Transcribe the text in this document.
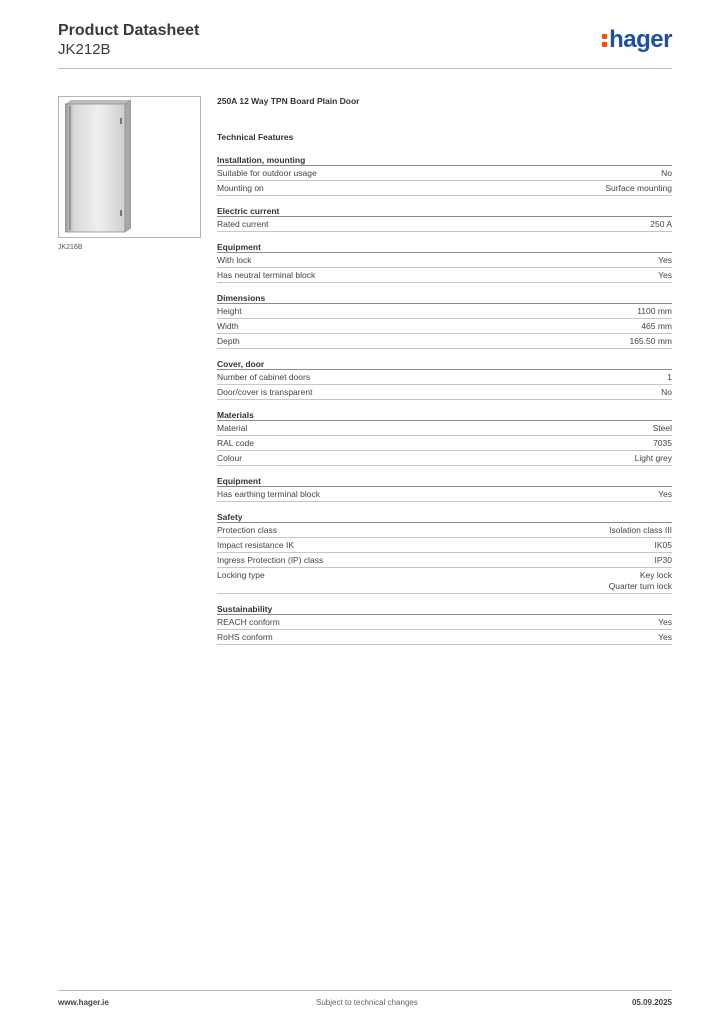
Product Datasheet
JK212B	hager
JK216B
250A 12 Way TPN Board Plain Door
Technical Features
Installation, mounting
Suitable for outdoor usage	No
Mounting on	Surface mounting
Electric current
Rated current	250 A
Equipment
With lock	Yes
Has neutral terminal block	Yes
Dimensions
Height	1100 mm
Width	465 mm
Depth	165.50 mm
Cover, door
Number of cabinet doors	1
Door/cover is transparent	No
Materials
Material	Steel
RAL code	7035
Colour	Light grey
Equipment
Has earthing terminal block	Yes
Safety
Protection class	Isolation class III
Impact resistance IK	IK05
Ingress Protection (IP) class	IP30
Locking type	Key lock
Quarter turn lock
Sustainability
REACH conform	Yes
RoHS conform	Yes
www.hager.ie	Subject to technical changes	05.09.2025
